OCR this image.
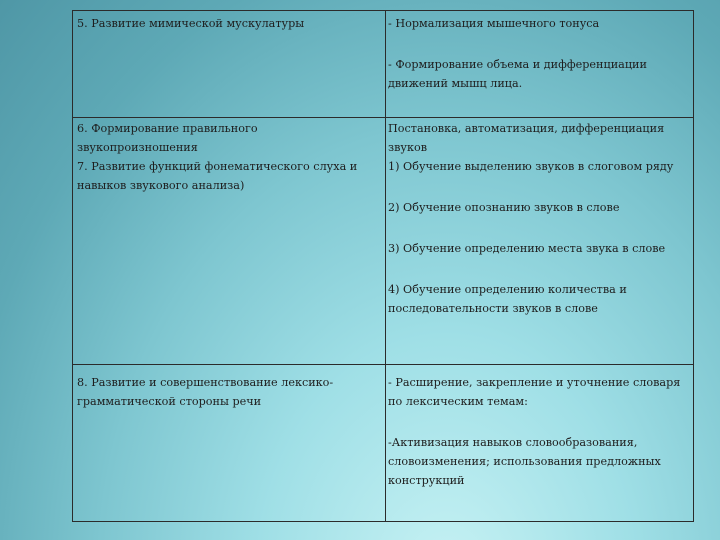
5. Развитие мимической мускулатуры	- Нормализация мышечного тонуса

- Формирование объема и дифференциации движений мышц лица.

6. Формирование правильного звукопроизношения

Постановка, автоматизация, дифференциация звуков

7. Развитие функций фонематического слуха и навыков звукового анализа)

1) Обучение выделению звуков в слоговом ряду

2) Обучение опознанию звуков в слове

3) Обучение определению места звука в слове

4) Обучение определению количества и последовательности звуков в слове

8. Развитие и совершенствование лексико-грамматической стороны речи

- Расширение, закрепление и уточнение словаря по лексическим темам:

-Активизация навыков словообразования, словоизменения; использования предложных конструкций
